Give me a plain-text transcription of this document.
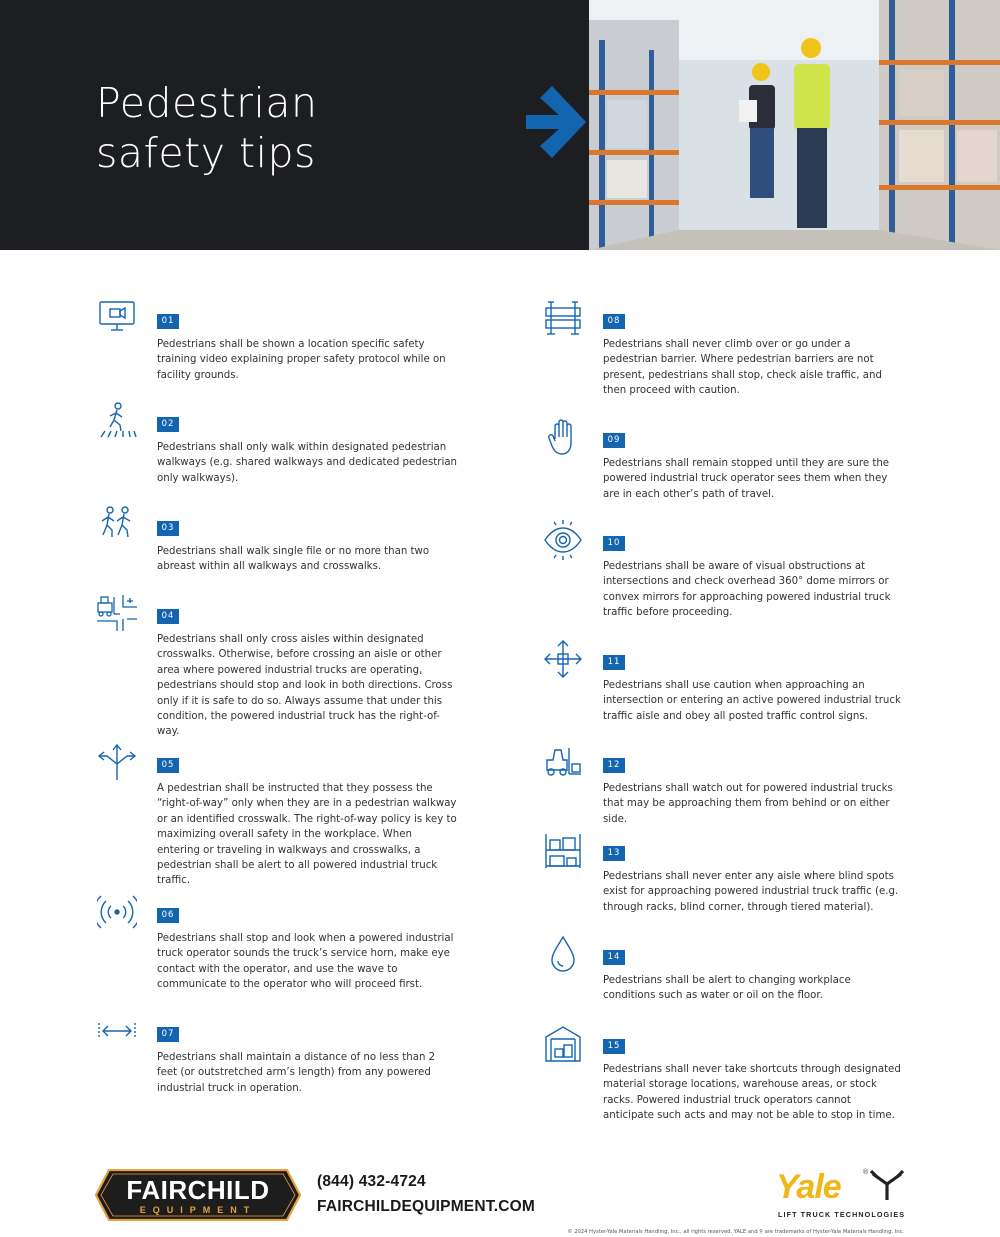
Pedestrian
safety tips
01

Pedestrians shall be shown a location specific safety training video explaining proper safety protocol while on facility grounds.

02

Pedestrians shall only walk within designated pedestrian walkways (e.g. shared walkways and dedicated pedestrian only walkways).

03

Pedestrians shall walk single file or no more than two abreast within all walkways and crosswalks.

04

Pedestrians shall only cross aisles within designated crosswalks. Otherwise, before crossing an aisle or other area where powered industrial trucks are operating, pedestrians should stop and look in both directions. Cross only if it is safe to do so. Always assume that under this condition, the powered industrial truck has the right-of-way.

05

A pedestrian shall be instructed that they possess the “right-of-way” only when they are in a pedestrian walkway or an identified crosswalk. The right-of-way policy is key to maximizing overall safety in the workplace. When entering or traveling in walkways and crosswalks, a pedestrian shall be alert to all powered industrial truck traffic.

06

Pedestrians shall stop and look when a powered industrial truck operator sounds the truck’s service horn, make eye contact with the operator, and use the wave to communicate to the operator who will proceed first.

07

Pedestrians shall maintain a distance of no less than 2 feet (or outstretched arm’s length) from any powered industrial truck in operation.

08

Pedestrians shall never climb over or go under a pedestrian barrier. Where pedestrian barriers are not present, pedestrians shall stop, check aisle traffic, and then proceed with caution.

09

Pedestrians shall remain stopped until they are sure the powered industrial truck operator sees them when they are in each other’s path of travel.

10

Pedestrians shall be aware of visual obstructions at intersections and check overhead 360° dome mirrors or convex mirrors for approaching powered industrial truck traffic before proceeding.

11

Pedestrians shall use caution when approaching an intersection or entering an active powered industrial truck traffic aisle and obey all posted traffic control signs.

12

Pedestrians shall watch out for powered industrial trucks that may be approaching them from behind or on either side.

13

Pedestrians shall never enter any aisle where blind spots exist for approaching powered industrial truck traffic (e.g. through racks, blind corner, through tiered material).

14

Pedestrians shall be alert to changing workplace conditions such as water or oil on the floor.

15

Pedestrians shall never take shortcuts through designated material storage locations, warehouse areas, or stock racks. Powered industrial truck operators cannot anticipate such acts and may not be able to stop in time.

FAIRCHILD
EQUIPMENT
(844) 432-4724
FAIRCHILDEQUIPMENT.COM
Yale	®
LIFT TRUCK TECHNOLOGIES
© 2024 Hyster-Yale Materials Handling, Inc., all rights reserved. YALE and ⚲ are trademarks of Hyster-Yale Materials Handling, Inc.
